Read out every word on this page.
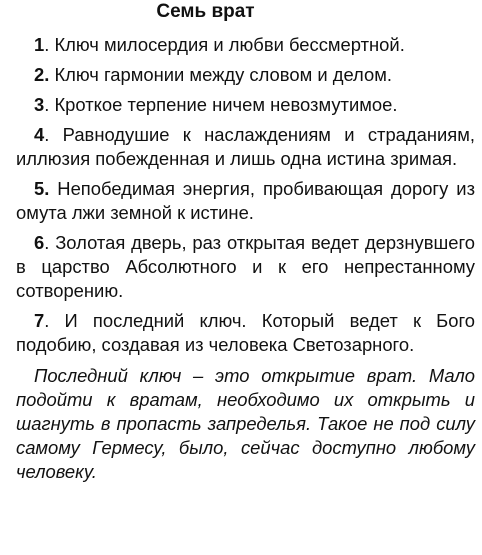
Семь врат

1. Ключ милосердия и любви бессмертной.

2. Ключ гармонии между словом и делом.

3. Кроткое терпение ничем невозмутимое.

4. Равнодушие к наслаждениям и страданиям, иллюзия побежденная и лишь одна истина зримая.

5. Непобедимая энергия, пробивающая дорогу из омута лжи земной к истине.

6. Золотая дверь, раз открытая ведет дерзнувшего в царство Абсолютного и к его непрестанному сотворению.

7. И последний ключ. Который ведет к Бого подобию, создавая из человека Светозарного.

Последний ключ – это открытие врат. Мало подойти к вратам, необходимо их открыть и шагнуть в пропасть запределья. Такое не под силу самому Гермесу, было, сейчас доступно любому человеку.
